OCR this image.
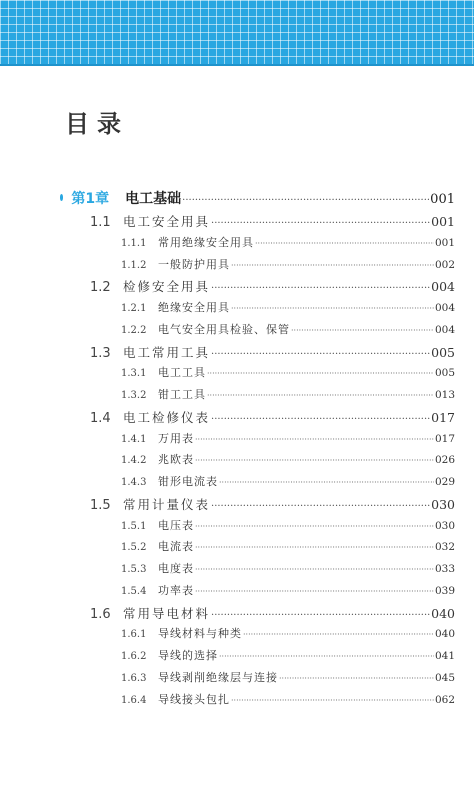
目录
第1章 电工基础 ·····	001
1.1 电工安全用具 ·····	001
1.1.1	常用绝缘安全用具 ·····	001
1.1.2	一般防护用具 ·····	002
1.2 检修安全用具 ·····	004
1.2.1	绝缘安全用具 ·····	004
1.2.2	电气安全用具检验、保管 ·····	004
1.3 电工常用工具 ·····	005
1.3.1	电工工具 ·····	005
1.3.2	钳工工具 ·····	013
1.4 电工检修仪表 ·····	017
1.4.1	万用表 ·····	017
1.4.2	兆欧表 ·····	026
1.4.3	钳形电流表 ·····	029
1.5 常用计量仪表 ·····	030
1.5.1	电压表 ·····	030
1.5.2	电流表 ·····	032
1.5.3	电度表 ·····	033
1.5.4	功率表 ·····	039
1.6 常用导电材料 ·····	040
1.6.1	导线材料与种类 ·····	040
1.6.2	导线的选择 ·····	041
1.6.3	导线剥削绝缘层与连接 ·····	045
1.6.4	导线接头包扎 ·····	062
